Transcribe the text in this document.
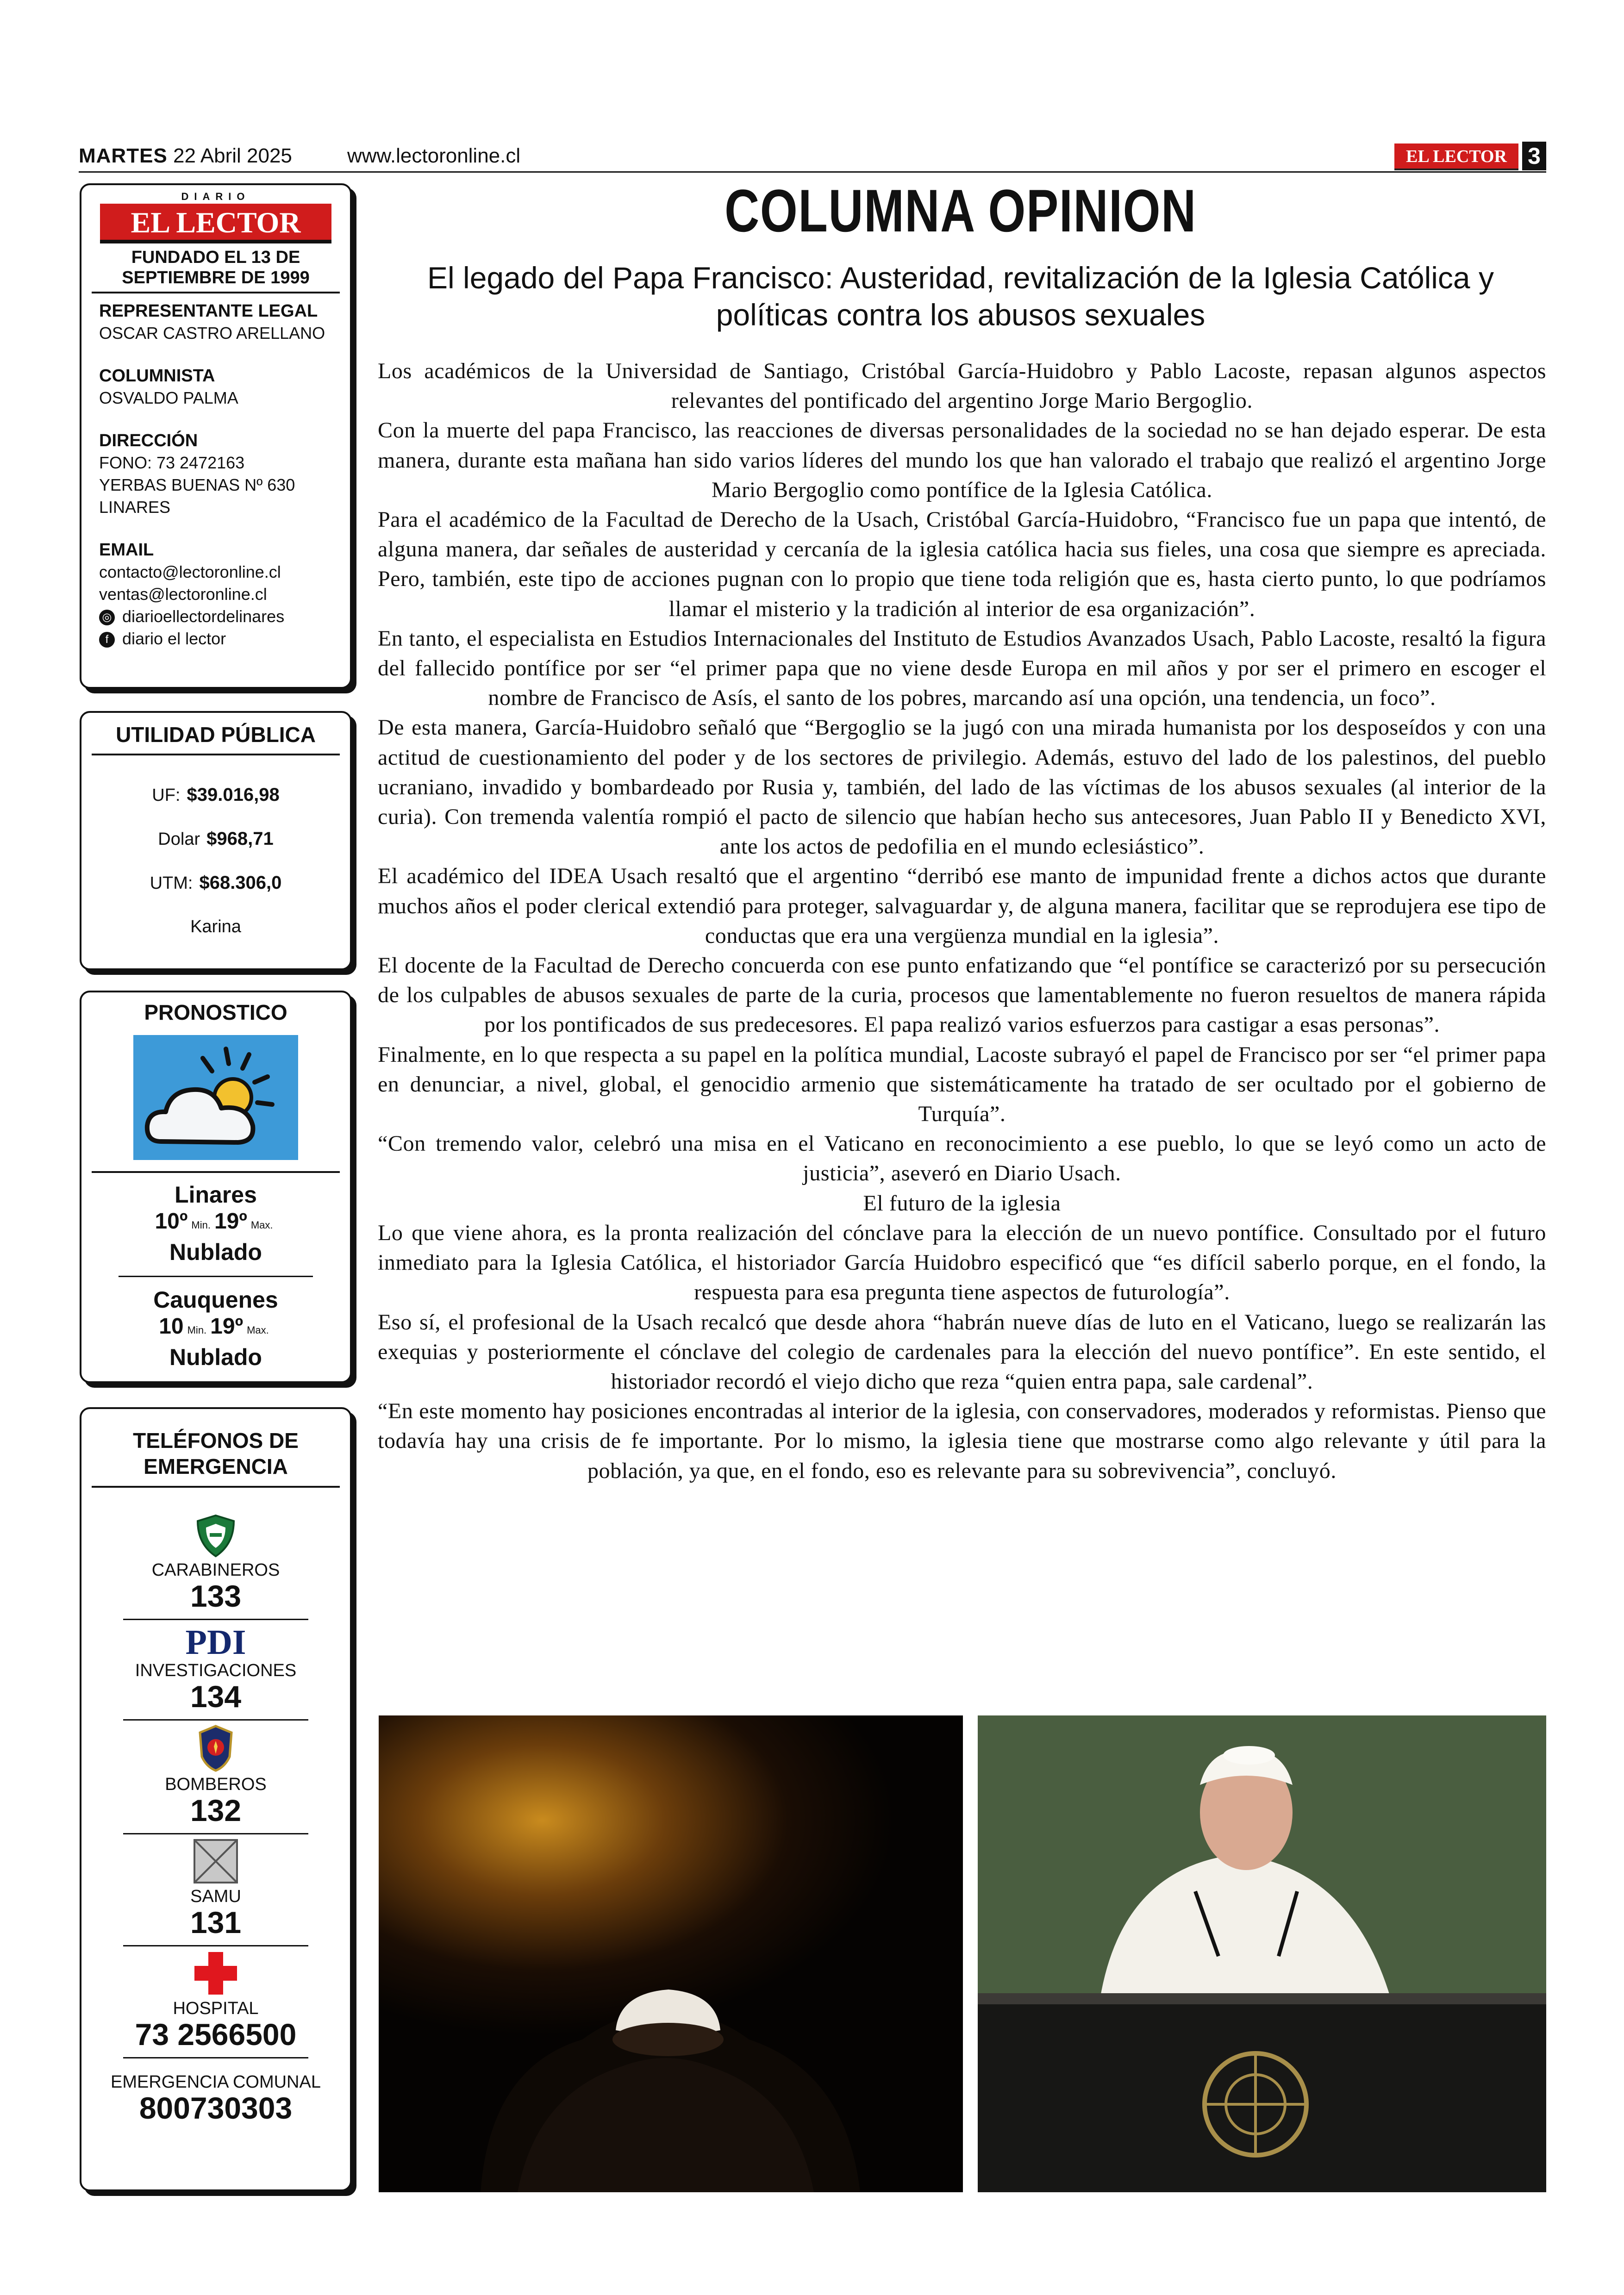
MARTES 22 Abril 2025	www.lectoronline.cl	EL LECTOR 3
DIARIO
EL LECTOR
FUNDADO EL 13 DE
SEPTIEMBRE DE 1999
REPRESENTANTE LEGAL
OSCAR CASTRO ARELLANO
COLUMNISTA
OSVALDO PALMA
DIRECCIÓN
FONO: 73 2472163
YERBAS BUENAS Nº 630
LINARES
EMAIL
contacto@lectoronline.cl
ventas@lectoronline.cl
◎ diarioellectordelinares
f diario el lector
UTILIDAD PÚBLICA
UF: $39.016,98
Dolar $968,71
UTM: $68.306,0
Karina
PRONOSTICO
Linares
10º Min. 19º Max.
Nublado
Cauquenes
10 Min. 19º Max.
Nublado
TELÉFONOS DE
EMERGENCIA
CARABINEROS
133
PDI
INVESTIGACIONES
134
BOMBEROS
132
SAMU
131
HOSPITAL
73 2566500
EMERGENCIA COMUNAL
800730303
COLUMNA OPINION
El legado del Papa Francisco: Austeridad, revitalización de la Iglesia Católica y políticas contra los abusos sexuales

Los académicos de la Universidad de Santiago, Cristóbal García-Huidobro y Pablo Lacoste, repasan algunos aspectos relevantes del pontificado del argentino Jorge Mario Bergoglio.

Con la muerte del papa Francisco, las reacciones de diversas personalidades de la sociedad no se han dejado esperar. De esta manera, durante esta mañana han sido varios líderes del mundo los que han valorado el trabajo que realizó el argentino Jorge Mario Bergoglio como pontífice de la Iglesia Católica.

Para el académico de la Facultad de Derecho de la Usach, Cristóbal García-Huidobro, “Francisco fue un papa que intentó, de alguna manera, dar señales de austeridad y cercanía de la iglesia católica hacia sus fieles, una cosa que siempre es apreciada. Pero, también, este tipo de acciones pugnan con lo propio que tiene toda religión que es, hasta cierto punto, lo que podríamos llamar el misterio y la tradición al interior de esa organización”.

En tanto, el especialista en Estudios Internacionales del Instituto de Estudios Avanzados Usach, Pablo Lacoste, resaltó la figura del fallecido pontífice por ser “el primer papa que no viene desde Europa en mil años y por ser el primero en escoger el nombre de Francisco de Asís, el santo de los pobres, marcando así una opción, una tendencia, un foco”.

De esta manera, García-Huidobro señaló que “Bergoglio se la jugó con una mirada humanista por los desposeídos y con una actitud de cuestionamiento del poder y de los sectores de privilegio. Además, estuvo del lado de los palestinos, del pueblo ucraniano, invadido y bombardeado por Rusia y, también, del lado de las víctimas de los abusos sexuales (al interior de la curia). Con tremenda valentía rompió el pacto de silencio que habían hecho sus antecesores, Juan Pablo II y Benedicto XVI, ante los actos de pedofilia en el mundo eclesiástico”.

El académico del IDEA Usach resaltó que el argentino “derribó ese manto de impunidad frente a dichos actos que durante muchos años el poder clerical extendió para proteger, salvaguardar y, de alguna manera, facilitar que se reprodujera ese tipo de conductas que era una vergüenza mundial en la iglesia”.

El docente de la Facultad de Derecho concuerda con ese punto enfatizando que “el pontífice se caracterizó por su persecución de los culpables de abusos sexuales de parte de la curia, procesos que lamentablemente no fueron resueltos de manera rápida por los pontificados de sus predecesores. El papa realizó varios esfuerzos para castigar a esas personas”.

Finalmente, en lo que respecta a su papel en la política mundial, Lacoste subrayó el papel de Francisco por ser “el primer papa en denunciar, a nivel, global, el genocidio armenio que sistemáticamente ha tratado de ser ocultado por el gobierno de Turquía”.

“Con tremendo valor, celebró una misa en el Vaticano en reconocimiento a ese pueblo, lo que se leyó como un acto de justicia”, aseveró en Diario Usach.

El futuro de la iglesia

Lo que viene ahora, es la pronta realización del cónclave para la elección de un nuevo pontífice. Consultado por el futuro inmediato para la Iglesia Católica, el historiador García Huidobro especificó que “es difícil saberlo porque, en el fondo, la respuesta para esa pregunta tiene aspectos de futurología”.

Eso sí, el profesional de la Usach recalcó que desde ahora “habrán nueve días de luto en el Vaticano, luego se realizarán las exequias y posteriormente el cónclave del colegio de cardenales para la elección del nuevo pontífice”. En este sentido, el historiador recordó el viejo dicho que reza “quien entra papa, sale cardenal”.

“En este momento hay posiciones encontradas al interior de la iglesia, con conservadores, moderados y reformistas. Pienso que todavía hay una crisis de fe importante. Por lo mismo, la iglesia tiene que mostrarse como algo relevante y útil para la población, ya que, en el fondo, eso es relevante para su sobrevivencia”, concluyó.
